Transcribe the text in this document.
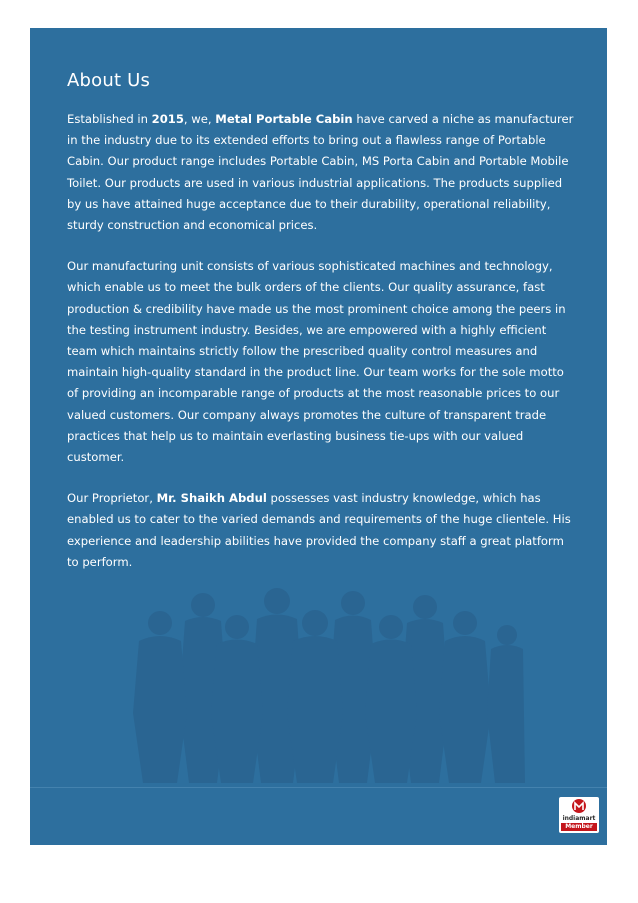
About Us

Established in 2015, we, Metal Portable Cabin have carved a niche as manufacturer in the industry due to its extended efforts to bring out a flawless range of Portable Cabin. Our product range includes Portable Cabin, MS Porta Cabin and Portable Mobile Toilet. Our products are used in various industrial applications. The products supplied by us have attained huge acceptance due to their durability, operational reliability, sturdy construction and economical prices.

Our manufacturing unit consists of various sophisticated machines and technology, which enable us to meet the bulk orders of the clients. Our quality assurance, fast production & credibility have made us the most prominent choice among the peers in the testing instrument industry. Besides, we are empowered with a highly efficient team which maintains strictly follow the prescribed quality control measures and maintain high-quality standard in the product line. Our team works for the sole motto of providing an incomparable range of products at the most reasonable prices to our valued customers. Our company always promotes the culture of transparent trade practices that help us to maintain everlasting business tie-ups with our valued customer.

Our Proprietor, Mr. Shaikh Abdul possesses vast industry knowledge, which has enabled us to cater to the varied demands and requirements of the huge clientele. His experience and leadership abilities have provided the company staff a great platform to perform.

indiamart
Member
